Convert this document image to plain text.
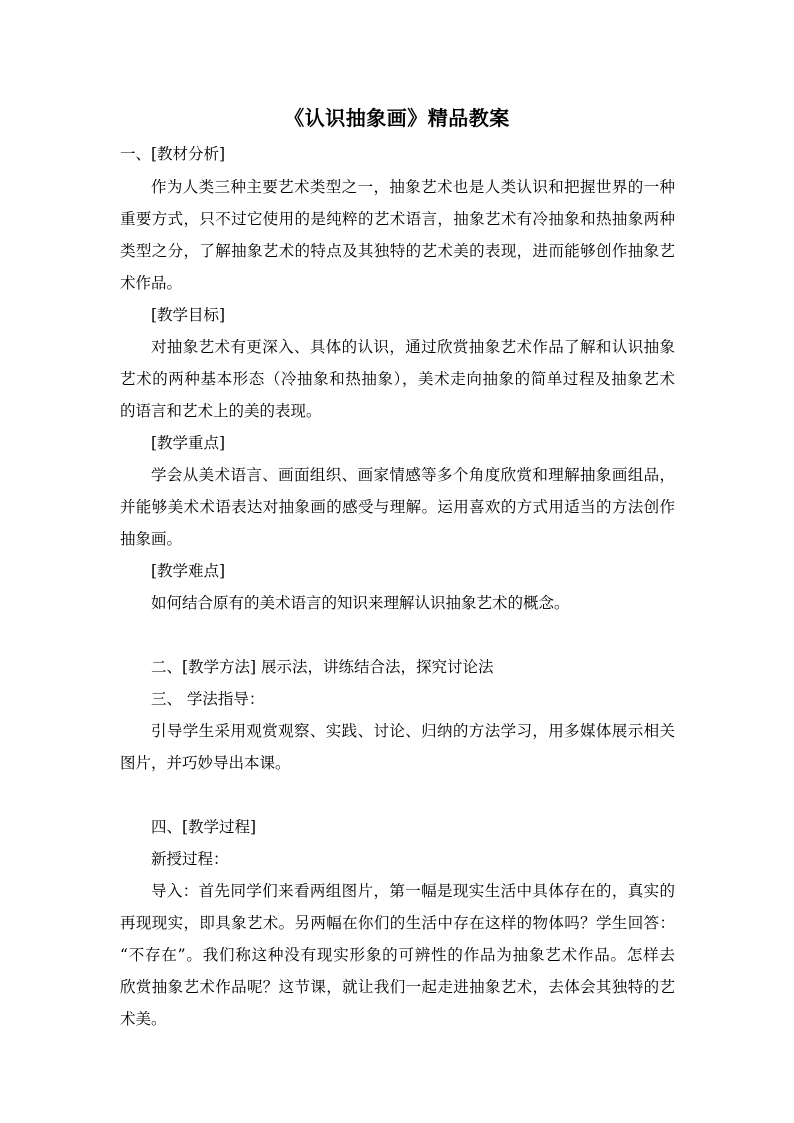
《认识抽象画》精品教案
一、[教材分析]
作为人类三种主要艺术类型之一，抽象艺术也是人类认识和把握世界的一种
重要方式，只不过它使用的是纯粹的艺术语言，抽象艺术有冷抽象和热抽象两种
类型之分，了解抽象艺术的特点及其独特的艺术美的表现，进而能够创作抽象艺
术作品。
[教学目标]
对抽象艺术有更深入、具体的认识，通过欣赏抽象艺术作品了解和认识抽象
艺术的两种基本形态（冷抽象和热抽象），美术走向抽象的简单过程及抽象艺术
的语言和艺术上的美的表现。
[教学重点]
学会从美术语言、画面组织、画家情感等多个角度欣赏和理解抽象画组品，
并能够美术术语表达对抽象画的感受与理解。运用喜欢的方式用适当的方法创作
抽象画。
[教学难点]
如何结合原有的美术语言的知识来理解认识抽象艺术的概念。
二、[教学方法] 展示法，讲练结合法，探究讨论法
三、 学法指导：
引导学生采用观赏观察、实践、讨论、归纳的方法学习，用多媒体展示相关
图片，并巧妙导出本课。
四、[教学过程]
新授过程：
导入：首先同学们来看两组图片，第一幅是现实生活中具体存在的，真实的
再现现实，即具象艺术。另两幅在你们的生活中存在这样的物体吗？学生回答：
“不存在”。我们称这种没有现实形象的可辨性的作品为抽象艺术作品。怎样去
欣赏抽象艺术作品呢？这节课，就让我们一起走进抽象艺术，去体会其独特的艺
术美。
